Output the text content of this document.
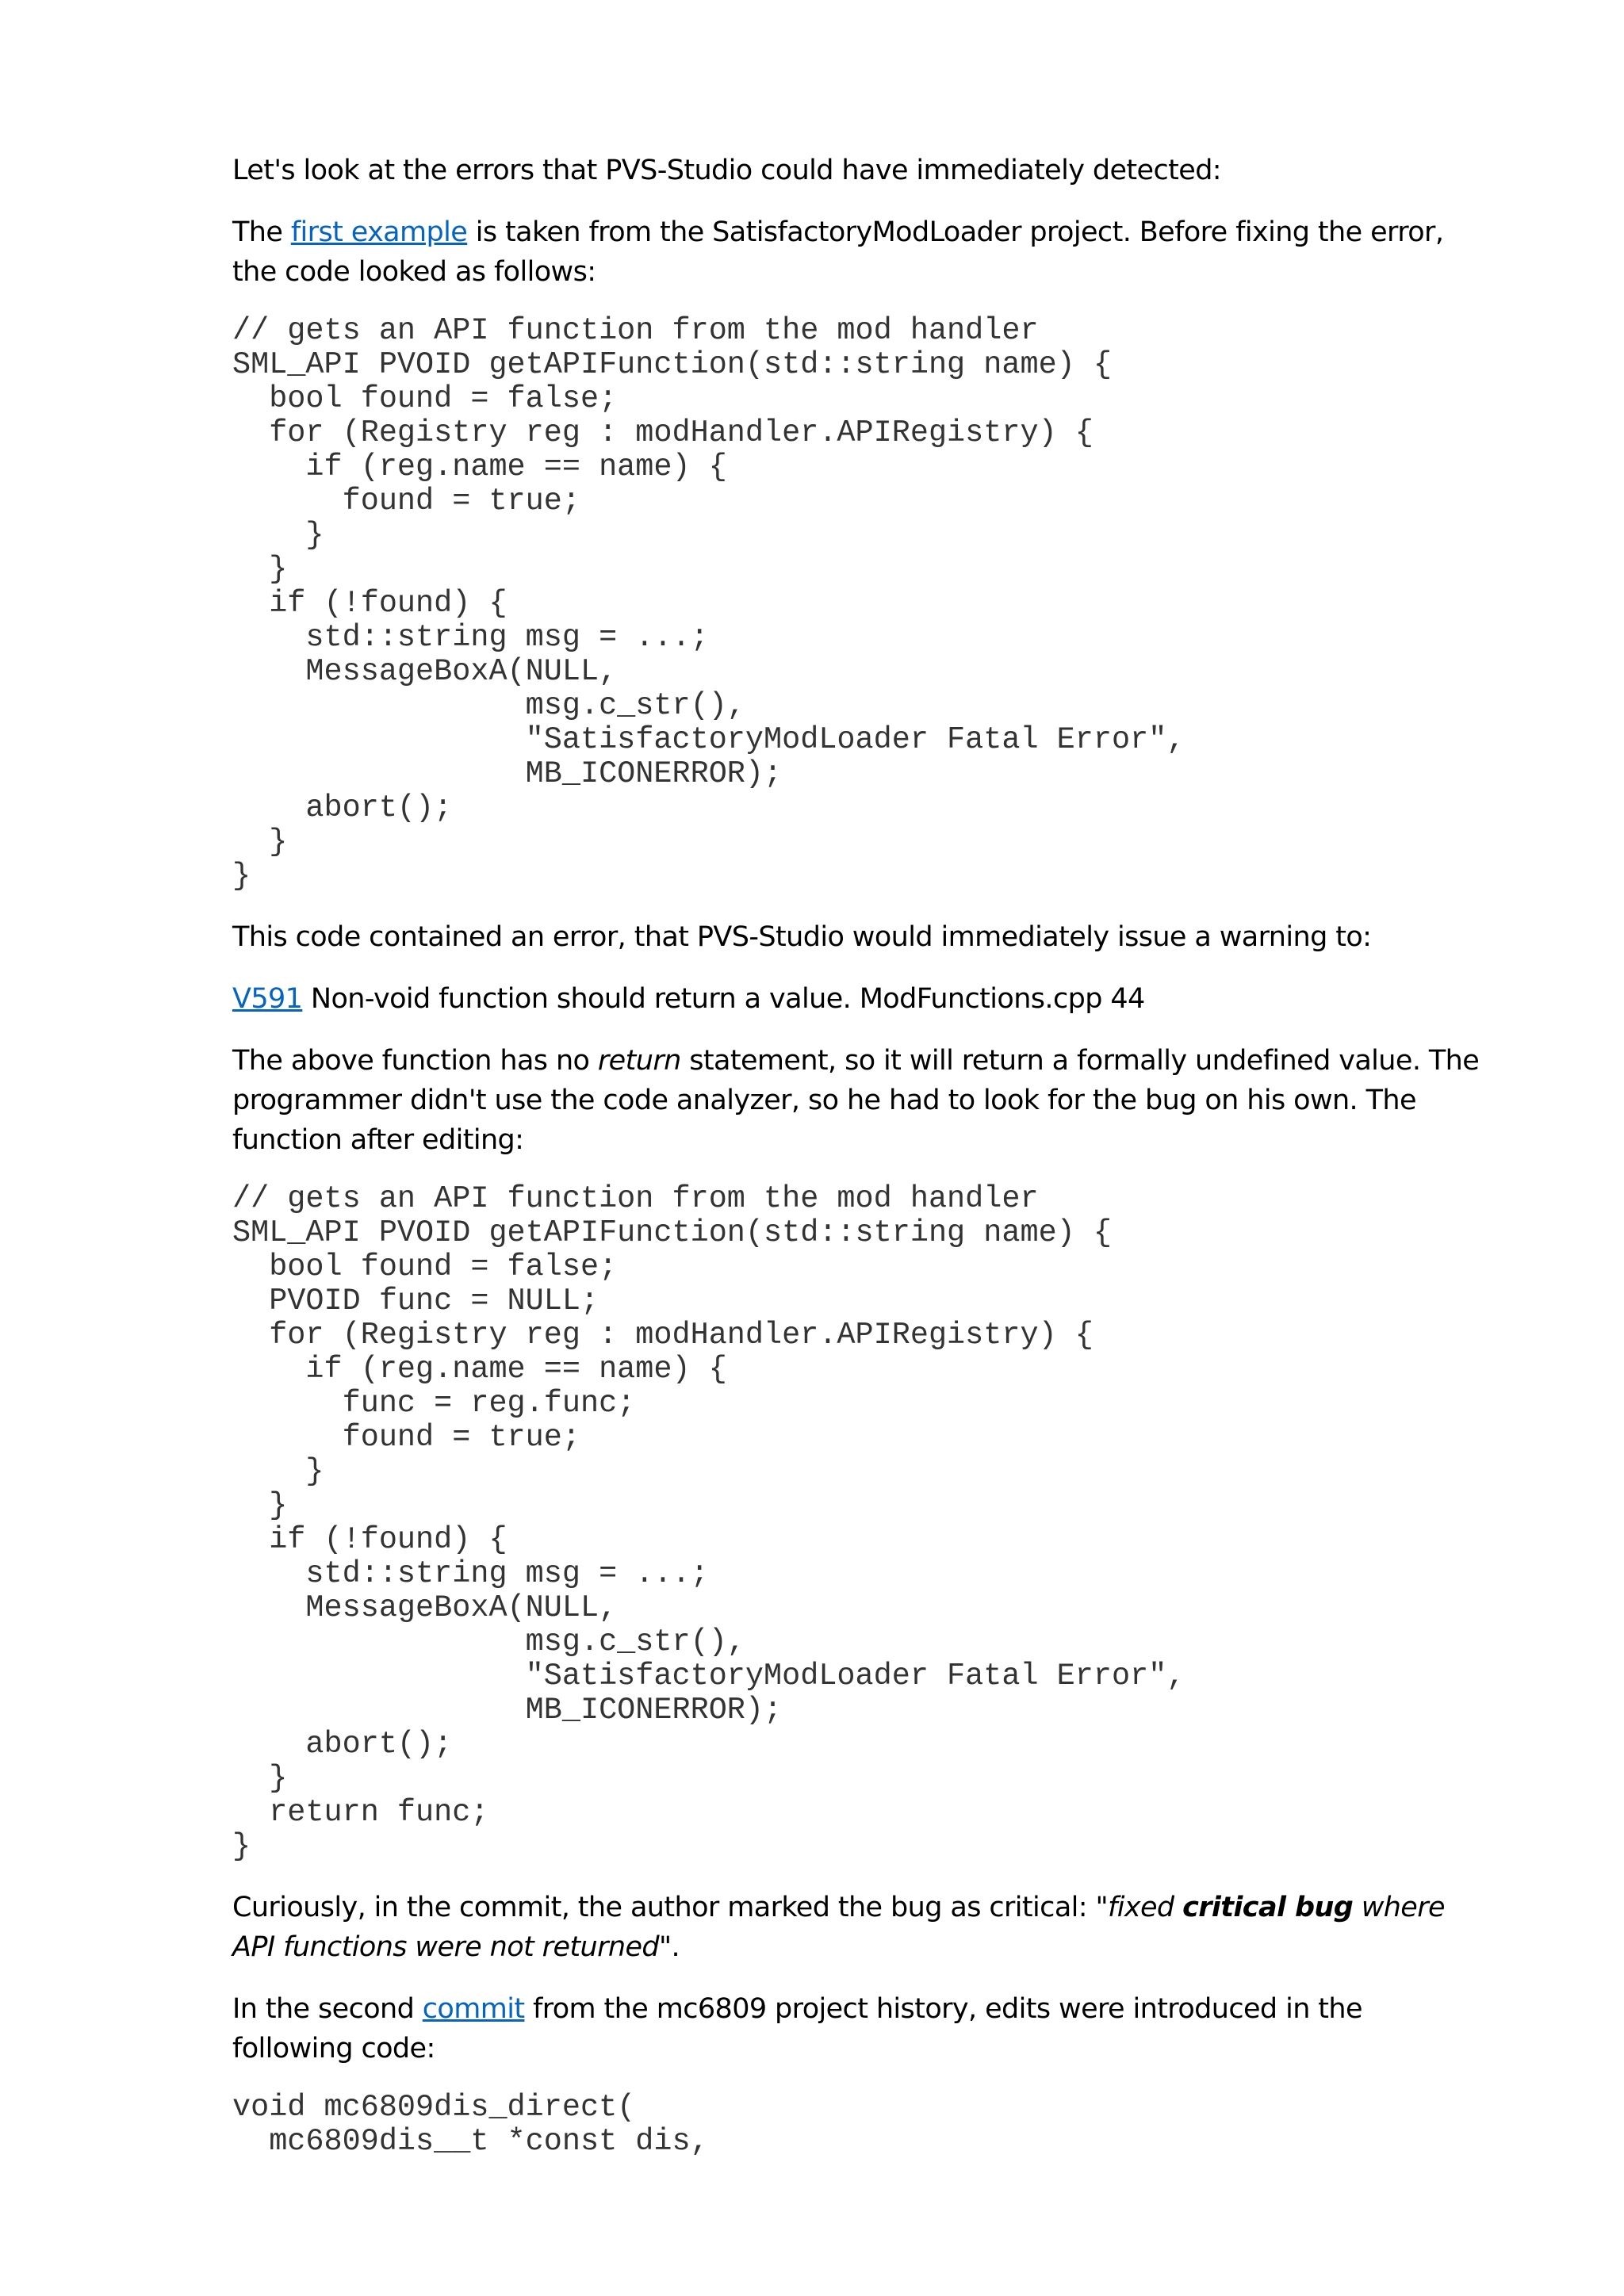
Let's look at the errors that PVS-Studio could have immediately detected:

The first example is taken from the SatisfactoryModLoader project. Before fixing the error, the code looked as follows:

// gets an API function from the mod handler
SML_API PVOID getAPIFunction(std::string name) {
bool found = false;
for (Registry reg : modHandler.APIRegistry) {
if (reg.name == name) {
found = true;
}
}
if (!found) {
std::string msg = ...;
MessageBoxA(NULL,
msg.c_str(),
"SatisfactoryModLoader Fatal Error",
MB_ICONERROR);
abort();
}
}

This code contained an error, that PVS-Studio would immediately issue a warning to:

V591 Non-void function should return a value. ModFunctions.cpp 44

The above function has no return statement, so it will return a formally undefined value. The programmer didn't use the code analyzer, so he had to look for the bug on his own. The function after editing:

// gets an API function from the mod handler
SML_API PVOID getAPIFunction(std::string name) {
bool found = false;
PVOID func = NULL;
for (Registry reg : modHandler.APIRegistry) {
if (reg.name == name) {
func = reg.func;
found = true;
}
}
if (!found) {
std::string msg = ...;
MessageBoxA(NULL,
msg.c_str(),
"SatisfactoryModLoader Fatal Error",
MB_ICONERROR);
abort();
}
return func;
}

Curiously, in the commit, the author marked the bug as critical: "fixed critical bug where API functions were not returned".

In the second commit from the mc6809 project history, edits were introduced in the following code:

void mc6809dis_direct(
mc6809dis__t *const dis,
